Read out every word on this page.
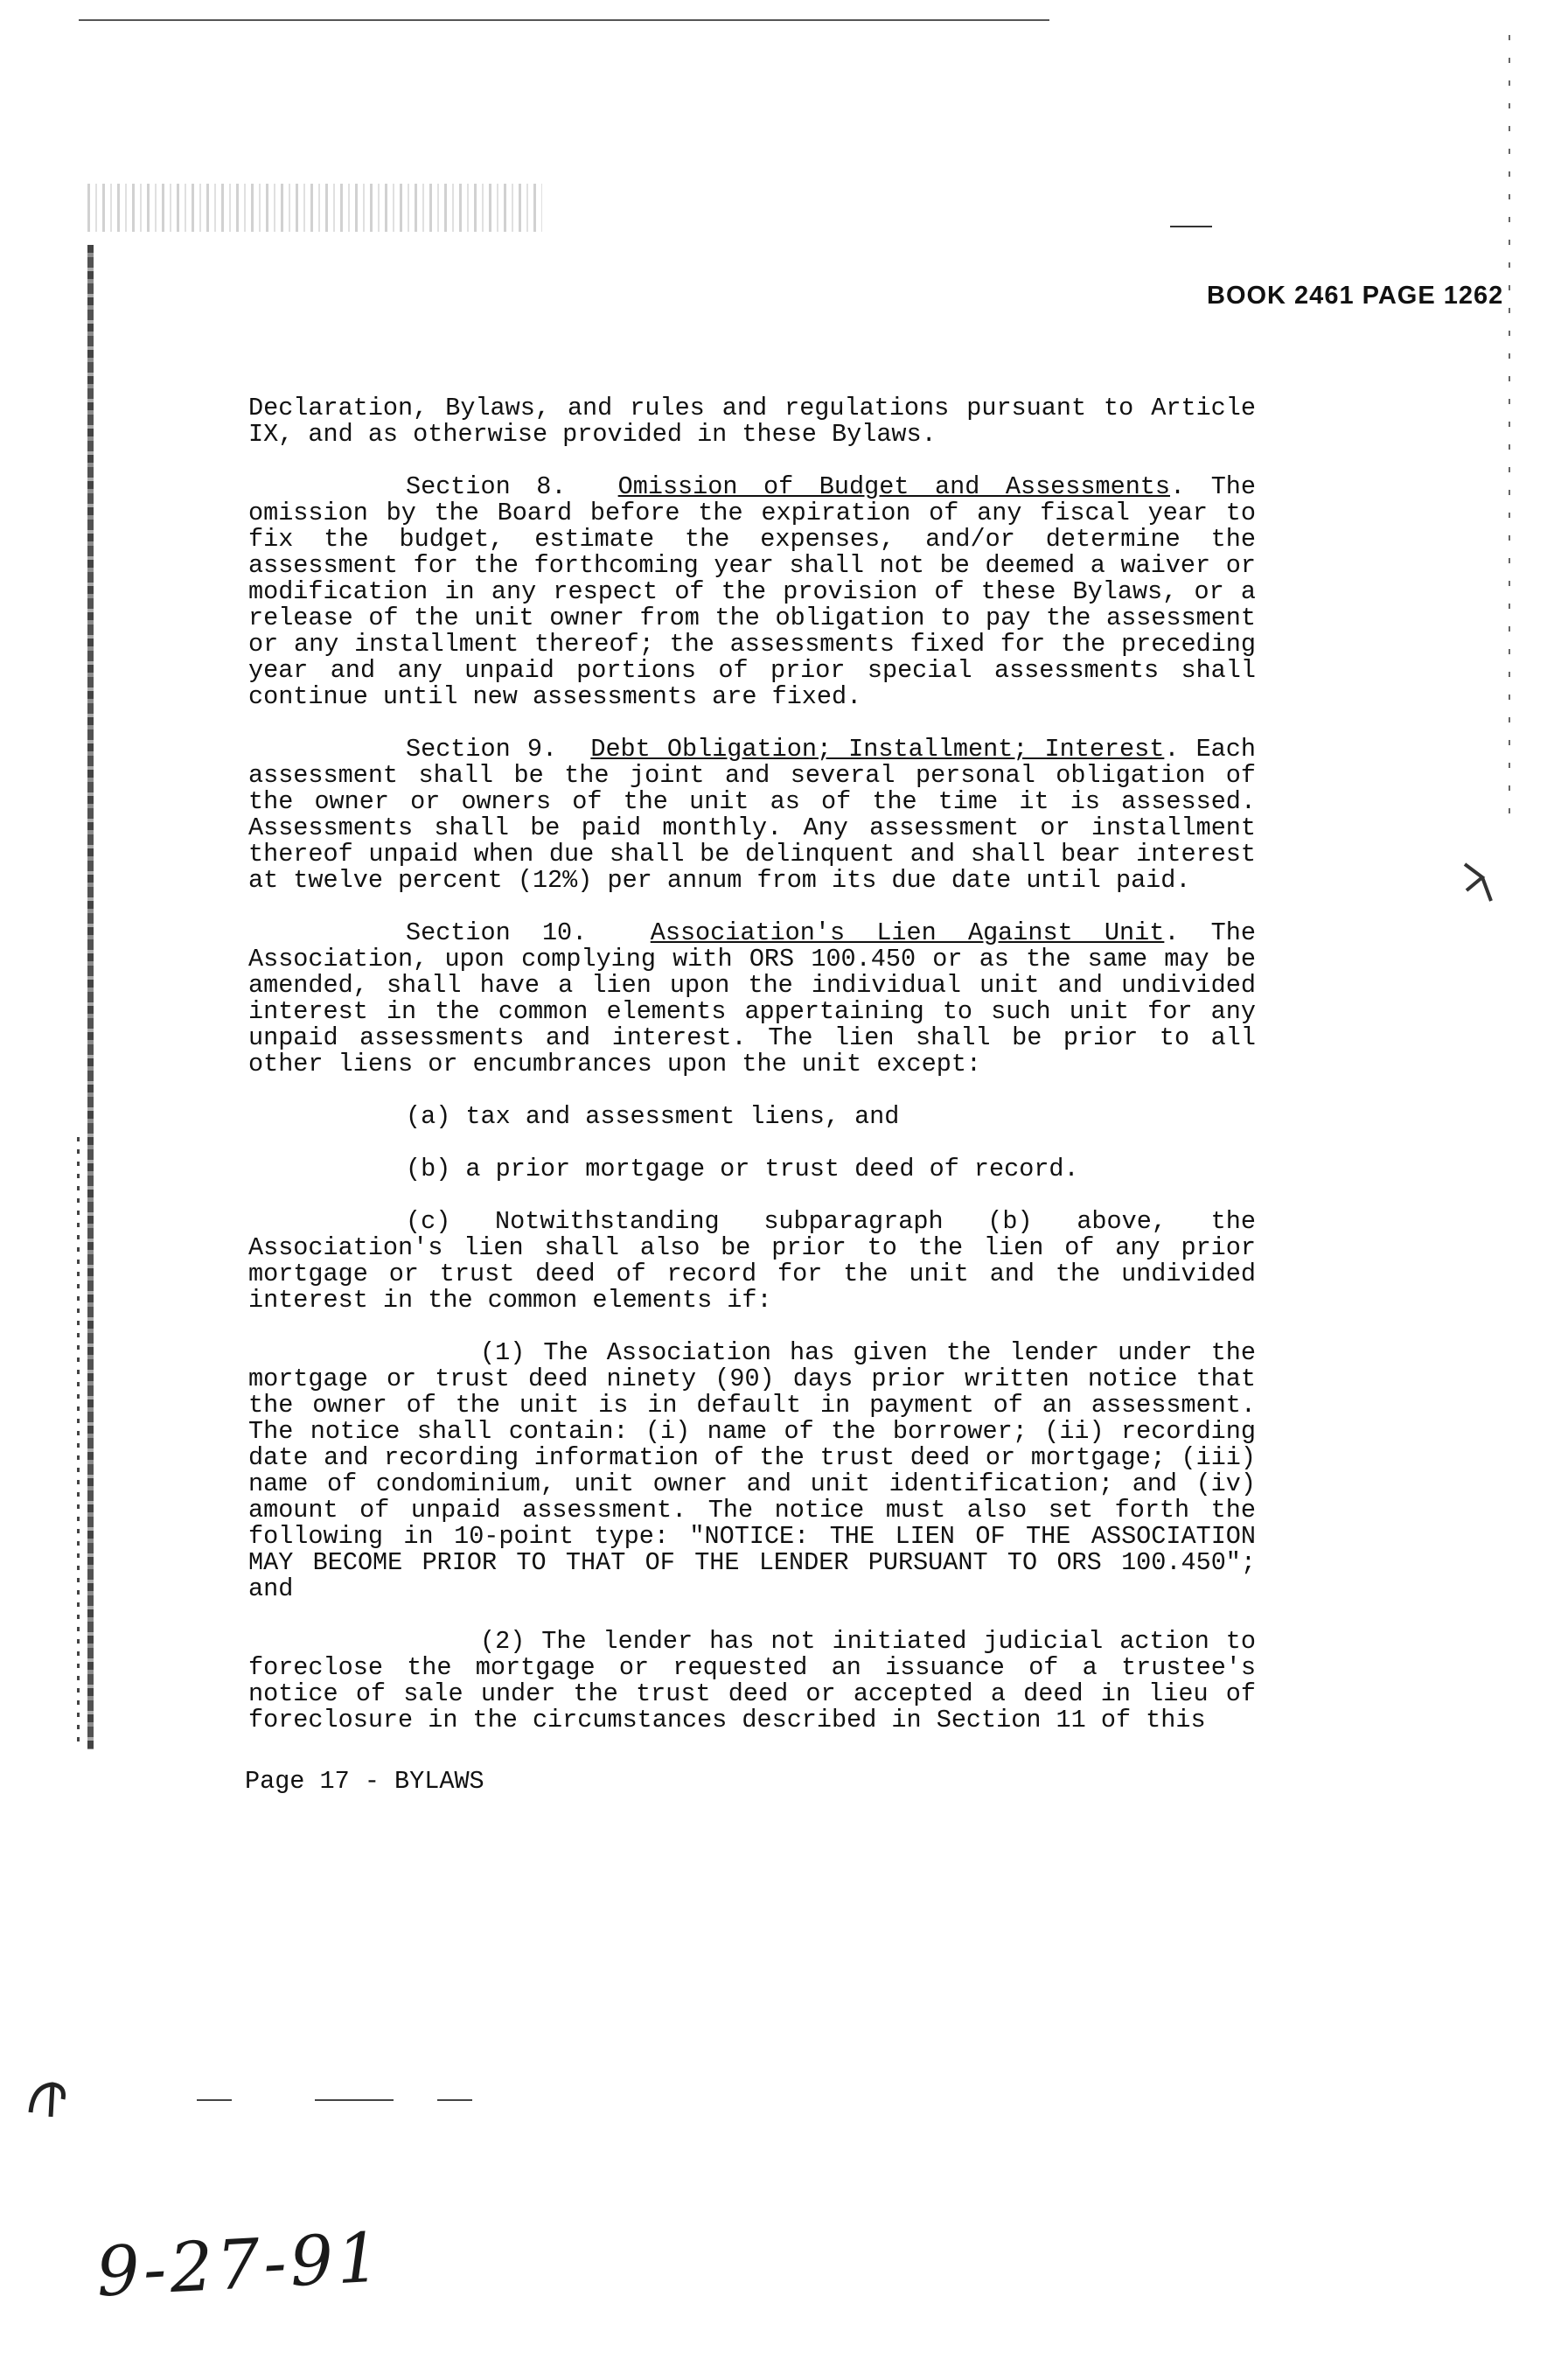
BOOK 2461 PAGE 1262

Declaration, Bylaws, and rules and regulations pursuant to Article IX, and as otherwise provided in these Bylaws.

Section 8. Omission of Budget and Assessments. The omission by the Board before the expiration of any fiscal year to fix the budget, estimate the expenses, and/or determine the assessment for the forthcoming year shall not be deemed a waiver or modification in any respect of the provision of these Bylaws, or a release of the unit owner from the obligation to pay the assessment or any installment thereof; the assessments fixed for the preceding year and any unpaid portions of prior special assessments shall continue until new assessments are fixed.

Section 9. Debt Obligation; Installment; Interest. Each assessment shall be the joint and several personal obligation of the owner or owners of the unit as of the time it is assessed. Assessments shall be paid monthly. Any assessment or installment thereof unpaid when due shall be delinquent and shall bear interest at twelve percent (12%) per annum from its due date until paid.

Section 10.	Association's Lien Against Unit. The Association, upon complying with ORS 100.450 or as the same may be amended, shall have a lien upon the individual unit and undivided interest in the common elements appertaining to such unit for any unpaid assessments and interest. The lien shall be prior to all other liens or encumbrances upon the unit except:

(a) tax and assessment liens, and

(b) a prior mortgage or trust deed of record.

(c) Notwithstanding subparagraph (b) above, the Association's lien shall also be prior to the lien of any prior mortgage or trust deed of record for the unit and the undivided interest in the common elements if:

(1) The Association has given the lender under the mortgage or trust deed ninety (90) days prior written notice that the owner of the unit is in default in payment of an assessment. The notice shall contain: (i) name of the borrower; (ii) recording date and recording information of the trust deed or mortgage; (iii) name of condominium, unit owner and unit identification; and (iv) amount of unpaid assessment. The notice must also set forth the following in 10-point type: "NOTICE: THE LIEN OF THE ASSOCIATION MAY BECOME PRIOR TO THAT OF THE LENDER PURSUANT TO ORS 100.450"; and

(2) The lender has not initiated judicial action to foreclose the mortgage or requested an issuance of a trustee's notice of sale under the trust deed or accepted a deed in lieu of foreclosure in the circumstances described in Section 11 of this

Page 17 - BYLAWS
9-27-91
